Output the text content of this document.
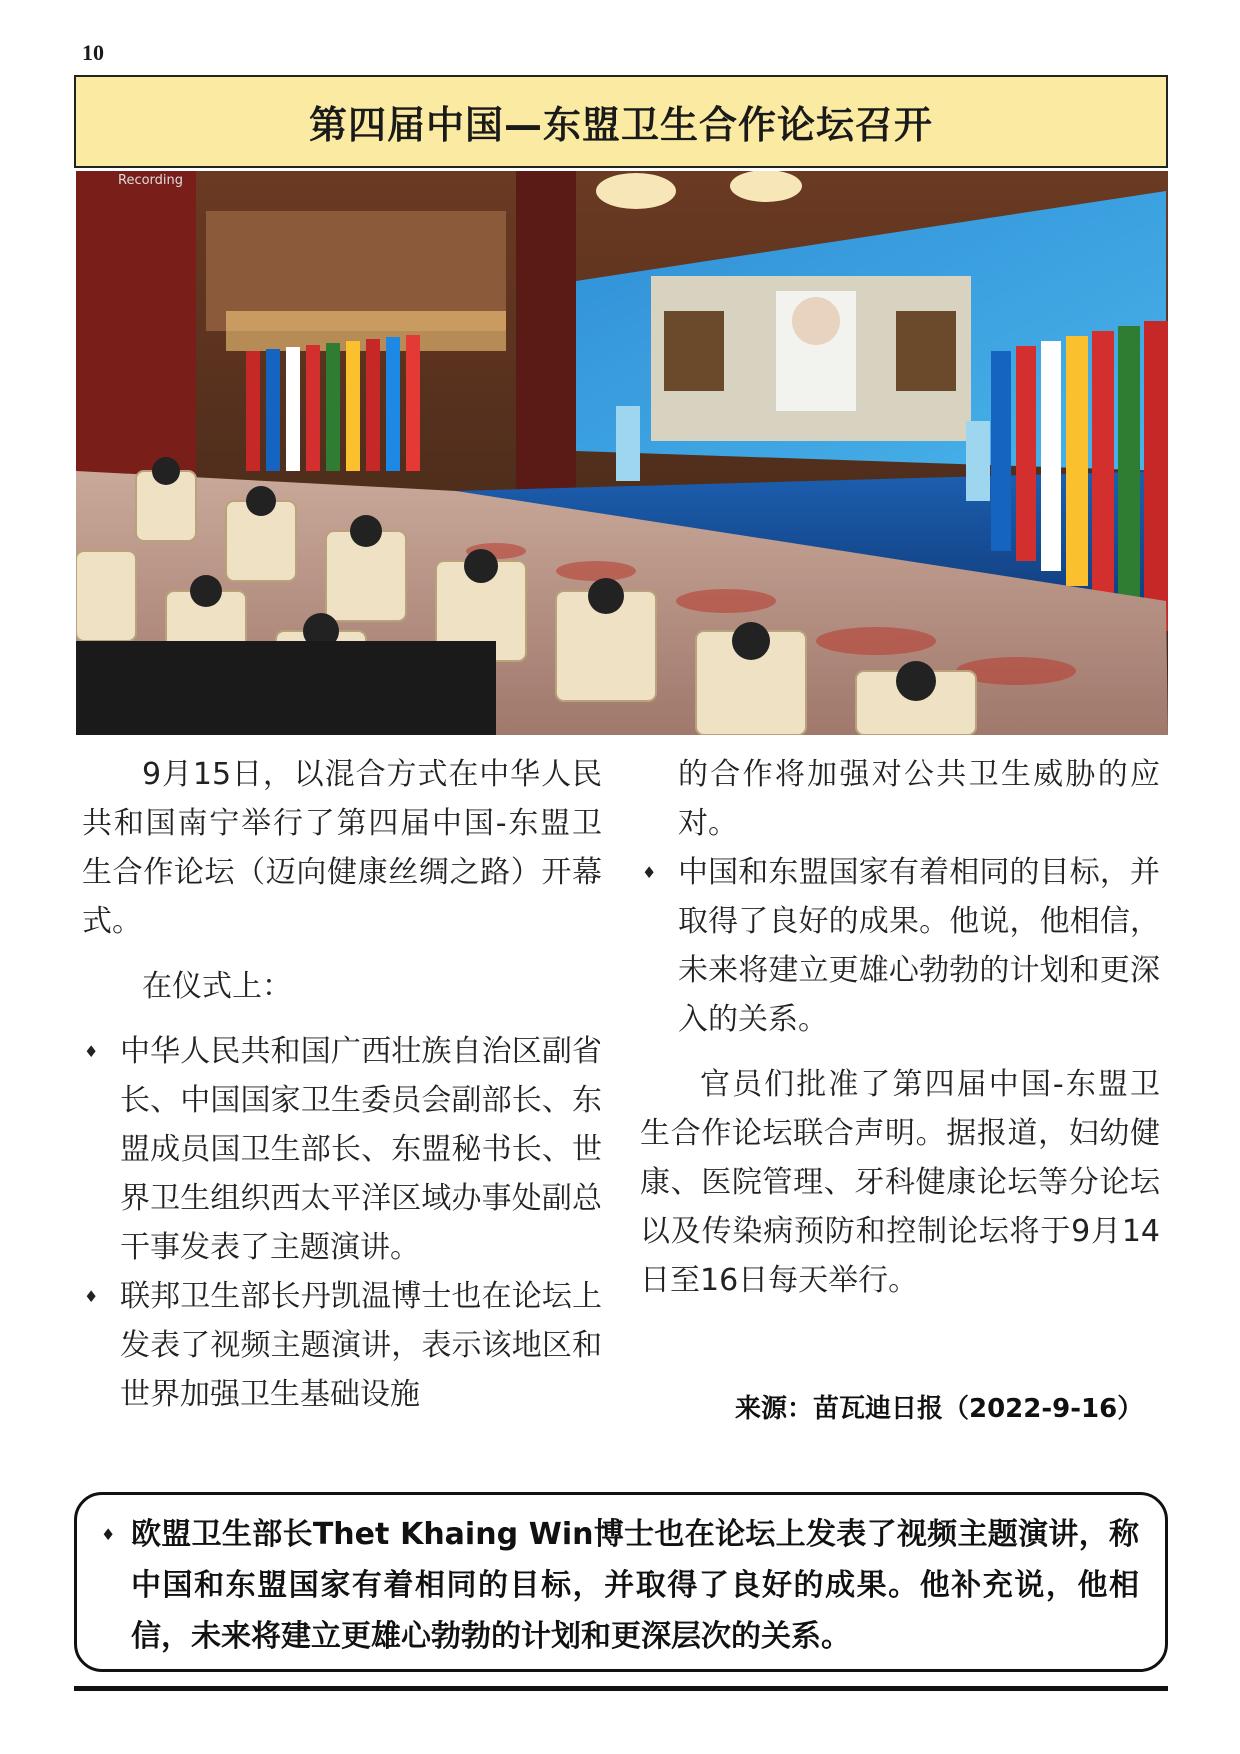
10
第四届中国—东盟卫生合作论坛召开
Recording

9月15日，以混合方式在中华人民共和国南宁举行了第四届中国-东盟卫生合作论坛（迈向健康丝绸之路）开幕式。

在仪式上：

♦ 中华人民共和国广西壮族自治区副省长、中国国家卫生委员会副部长、东盟成员国卫生部长、东盟秘书长、世界卫生组织西太平洋区域办事处副总干事发表了主题演讲。
♦ 联邦卫生部长丹凯温博士也在论坛上发表了视频主题演讲，表示该地区和世界加强卫生基础设施
的合作将加强对公共卫生威胁的应对。
♦ 中国和东盟国家有着相同的目标，并取得了良好的成果。他说，他相信，未来将建立更雄心勃勃的计划和更深入的关系。

官员们批准了第四届中国-东盟卫生合作论坛联合声明。据报道，妇幼健康、医院管理、牙科健康论坛等分论坛以及传染病预防和控制论坛将于9月14日至16日每天举行。

来源：苗瓦迪日报（2022-9-16）
♦ 欧盟卫生部长Thet Khaing Win博士也在论坛上发表了视频主题演讲，称中国和东盟国家有着相同的目标，并取得了良好的成果。他补充说，他相信，未来将建立更雄心勃勃的计划和更深层次的关系。
